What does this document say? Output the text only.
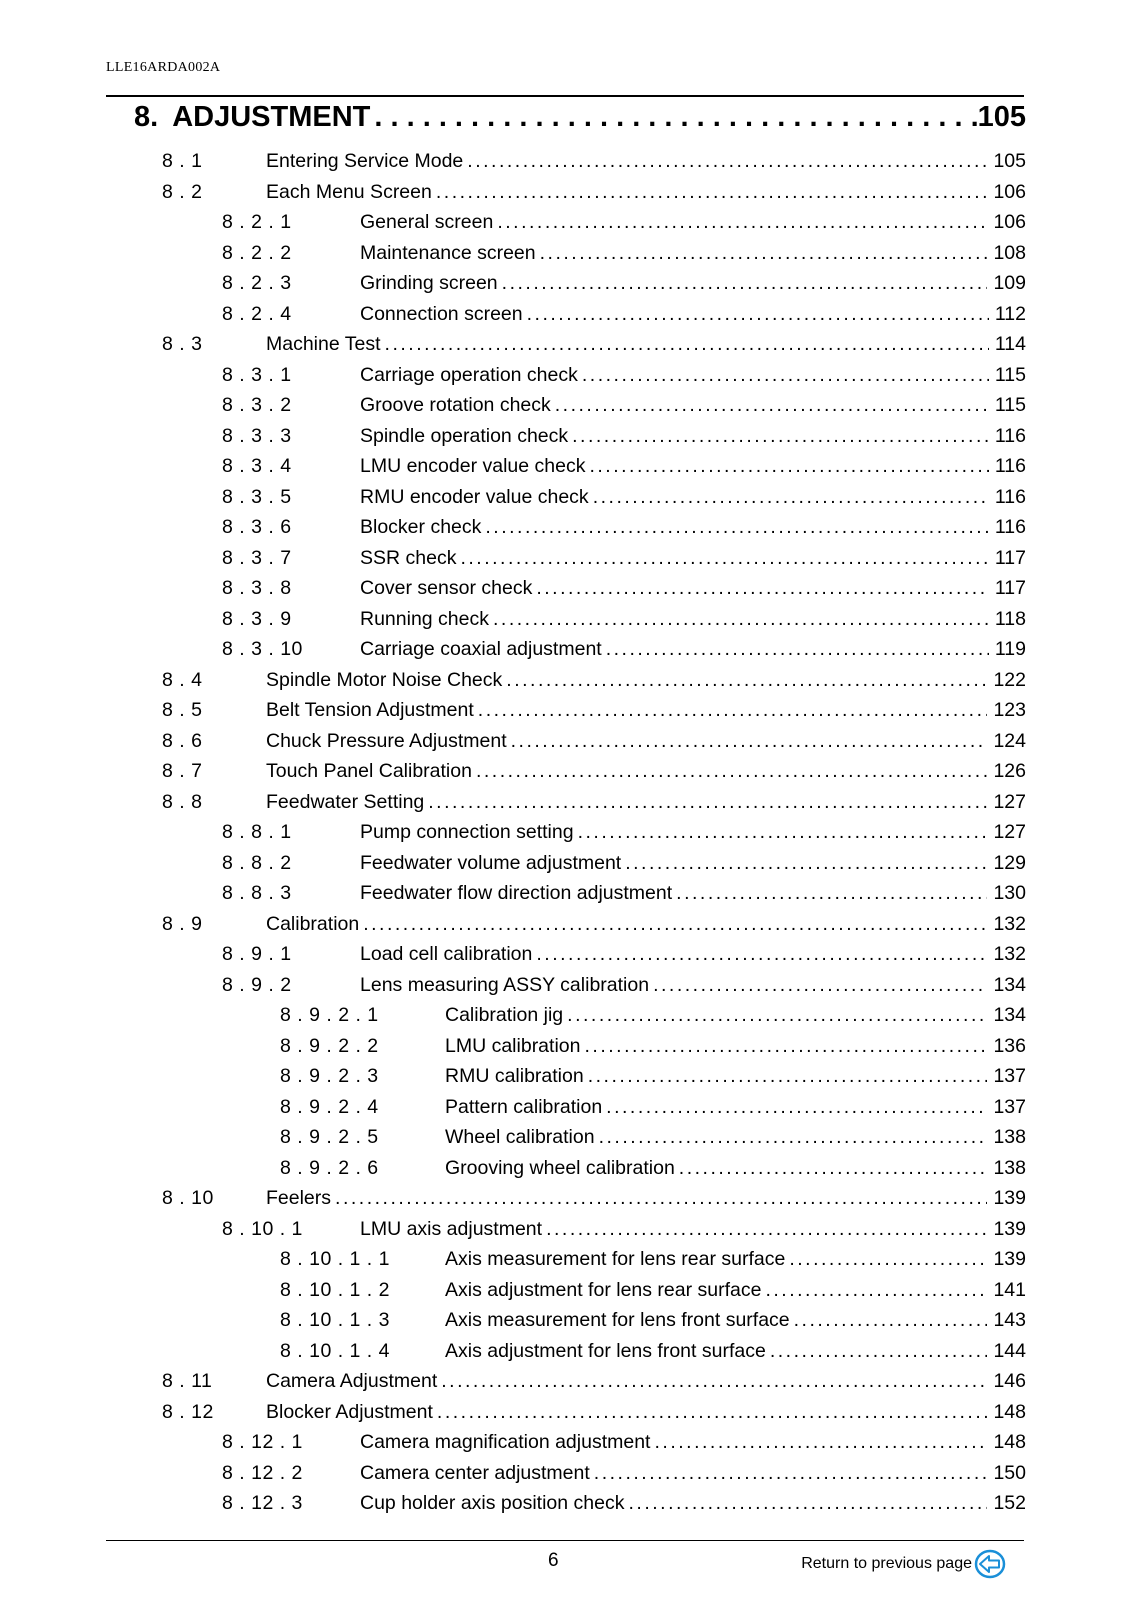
LLE16ARDA002A
8. ADJUSTMENT . . .	105
8 . 1	Entering Service Mode .....	105
8 . 2	Each Menu Screen .....	106
8 . 2 . 1	General screen .....	106
8 . 2 . 2	Maintenance screen .....	108
8 . 2 . 3	Grinding screen .....	109
8 . 2 . 4	Connection screen .....	112
8 . 3	Machine Test .....	114
8 . 3 . 1	Carriage operation check .....	115
8 . 3 . 2	Groove rotation check .....	115
8 . 3 . 3	Spindle operation check .....	116
8 . 3 . 4	LMU encoder value check .....	116
8 . 3 . 5	RMU encoder value check .....	116
8 . 3 . 6	Blocker check .....	116
8 . 3 . 7	SSR check .....	117
8 . 3 . 8	Cover sensor check .....	117
8 . 3 . 9	Running check .....	118
8 . 3 . 10	Carriage coaxial adjustment .....	119
8 . 4	Spindle Motor Noise Check .....	122
8 . 5	Belt Tension Adjustment .....	123
8 . 6	Chuck Pressure Adjustment .....	124
8 . 7	Touch Panel Calibration .....	126
8 . 8	Feedwater Setting .....	127
8 . 8 . 1	Pump connection setting .....	127
8 . 8 . 2	Feedwater volume adjustment .....	129
8 . 8 . 3	Feedwater flow direction adjustment .....	130
8 . 9	Calibration .....	132
8 . 9 . 1	Load cell calibration .....	132
8 . 9 . 2	Lens measuring ASSY calibration .....	134
8 . 9 . 2 . 1	Calibration jig .....	134
8 . 9 . 2 . 2	LMU calibration .....	136
8 . 9 . 2 . 3	RMU calibration .....	137
8 . 9 . 2 . 4	Pattern calibration .....	137
8 . 9 . 2 . 5	Wheel calibration .....	138
8 . 9 . 2 . 6	Grooving wheel calibration .....	138
8 . 10	Feelers .....	139
8 . 10 . 1	LMU axis adjustment .....	139
8 . 10 . 1 . 1	Axis measurement for lens rear surface .....	139
8 . 10 . 1 . 2	Axis adjustment for lens rear surface .....	141
8 . 10 . 1 . 3	Axis measurement for lens front surface .....	143
8 . 10 . 1 . 4	Axis adjustment for lens front surface .....	144
8 . 11	Camera Adjustment .....	146
8 . 12	Blocker Adjustment .....	148
8 . 12 . 1	Camera magnification adjustment .....	148
8 . 12 . 2	Camera center adjustment .....	150
8 . 12 . 3	Cup holder axis position check .....	152
6	Return to previous page
